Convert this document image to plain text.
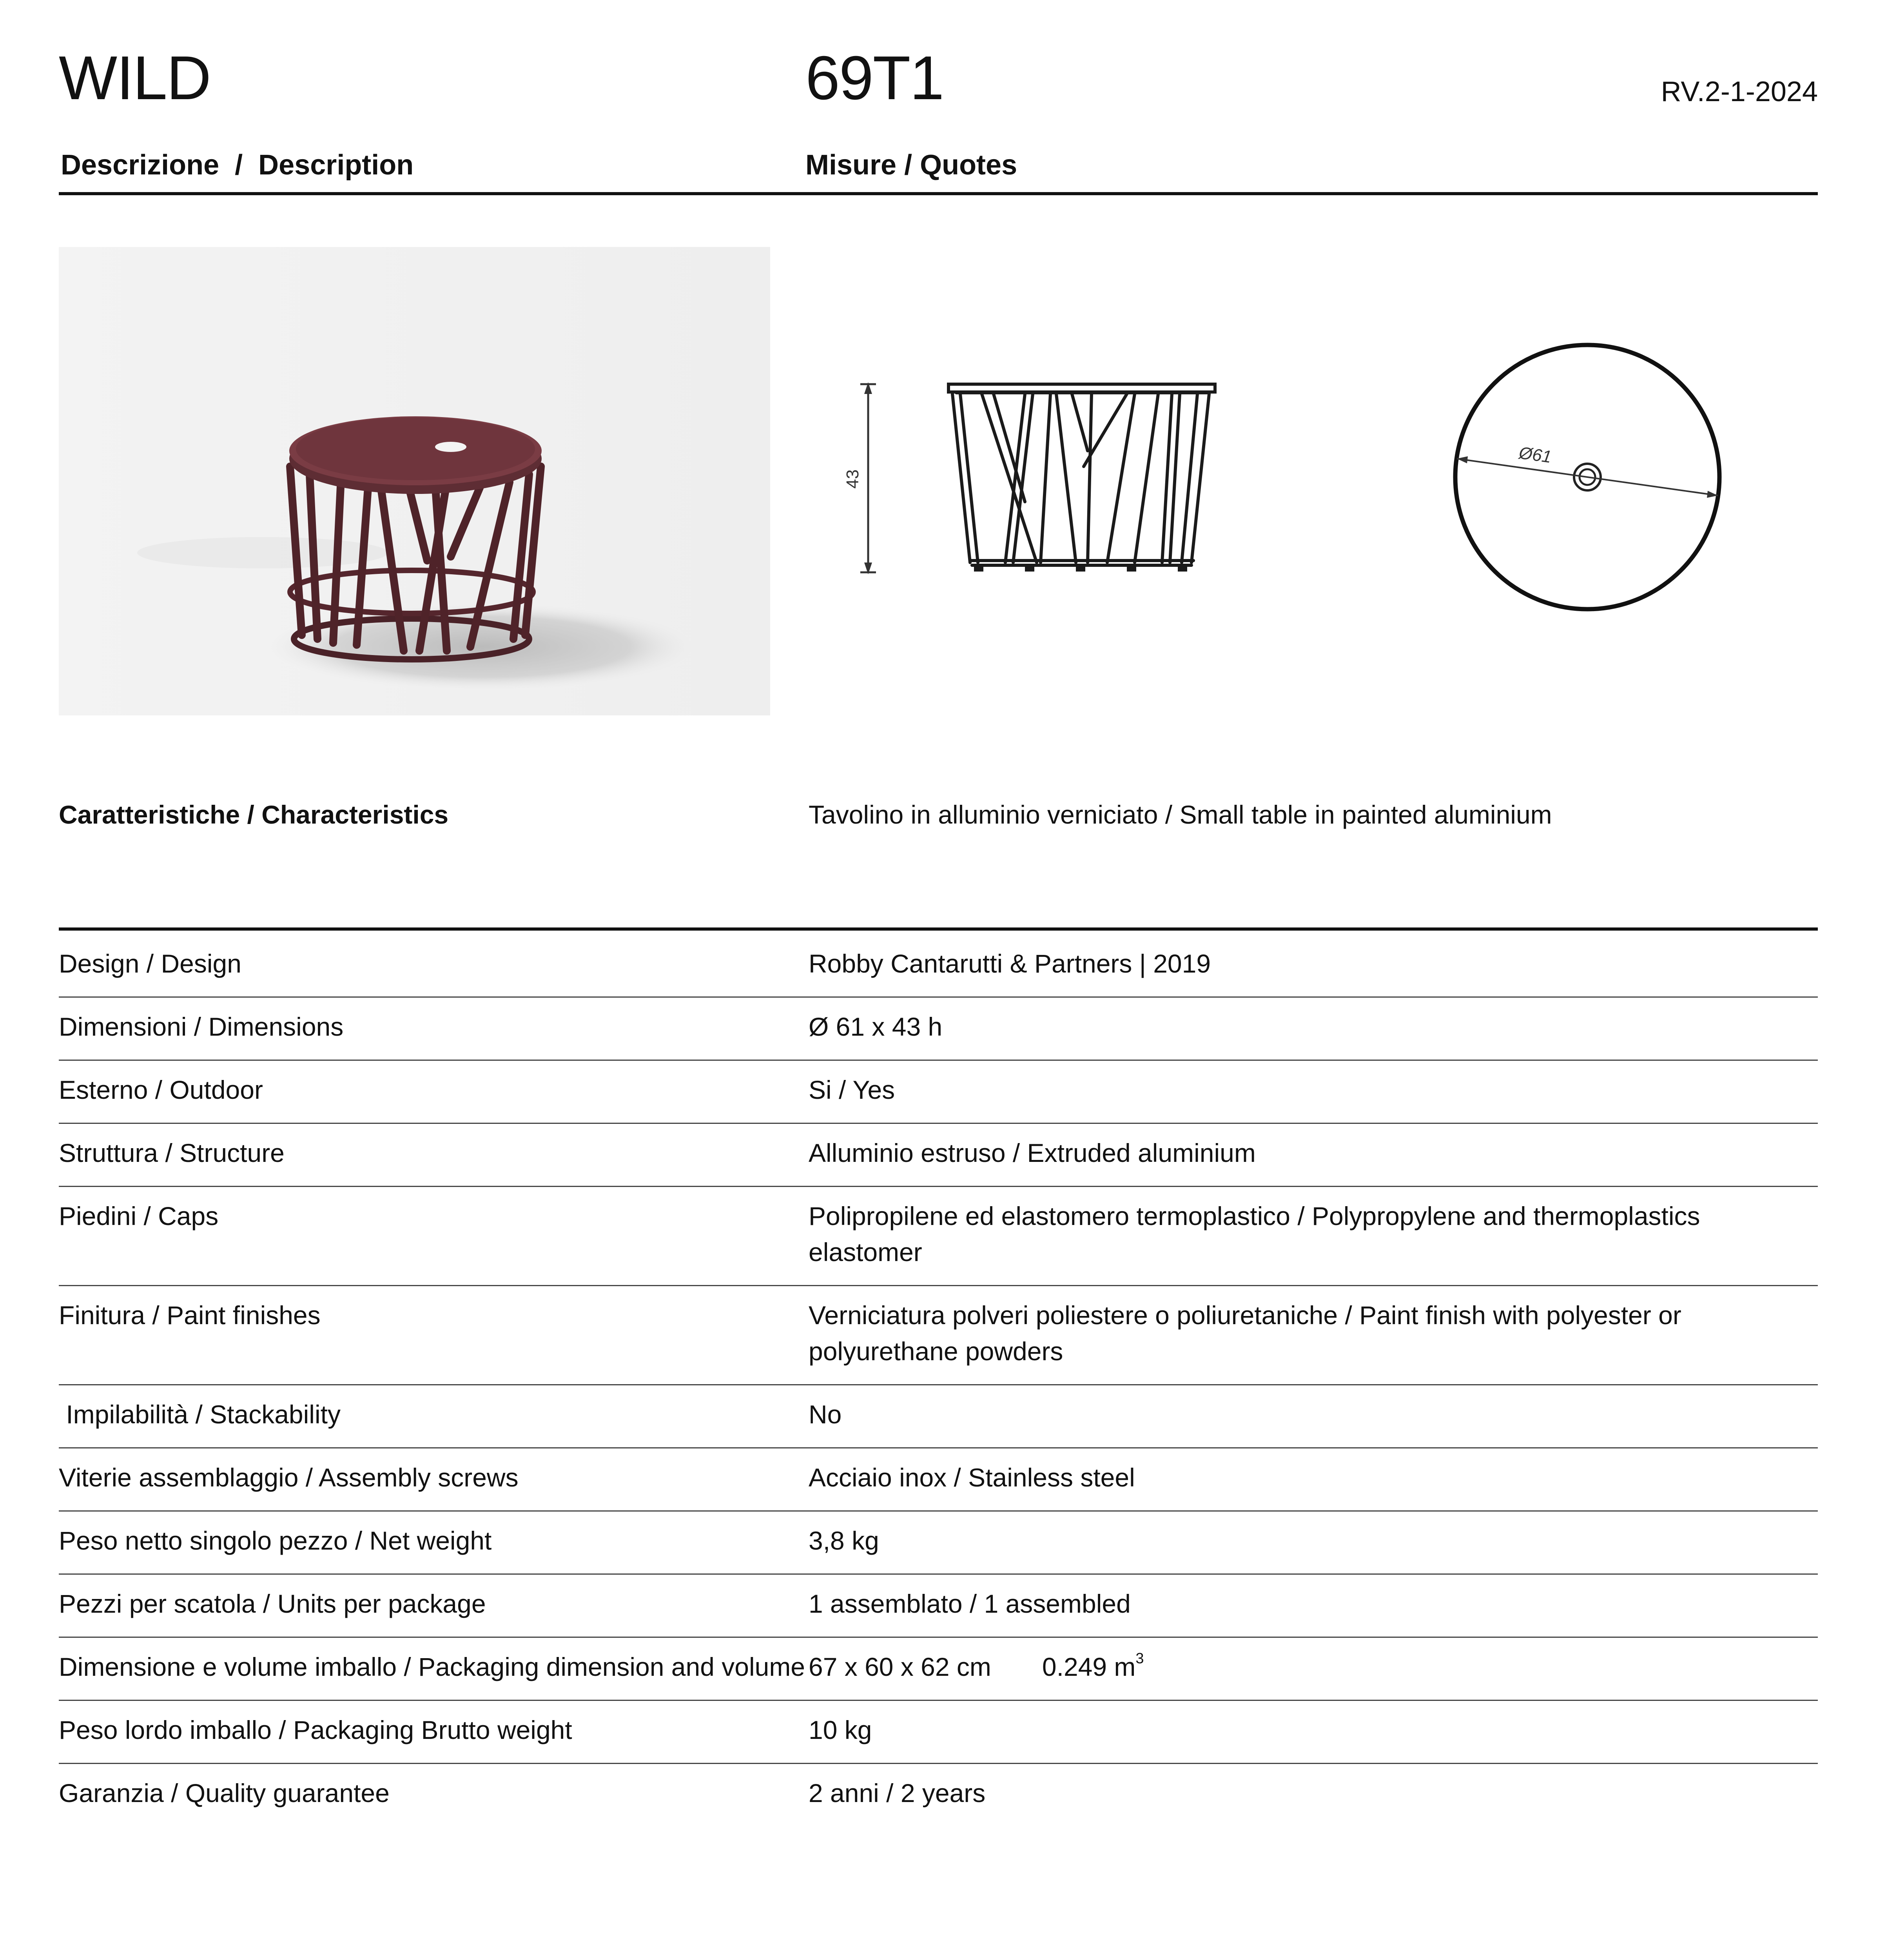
WILD	69T1	RV.2-1-2024
Descrizione  /  Description	Misure / Quotes
43
Ø61
Caratteristiche / Characteristics	Tavolino in alluminio verniciato / Small table in painted aluminium
Design / Design	Robby Cantarutti & Partners | 2019
Dimensioni / Dimensions	Ø 61 x 43 h
Esterno / Outdoor	Si / Yes
Struttura / Structure	Alluminio estruso / Extruded aluminium
Piedini / Caps	Polipropilene ed elastomero termoplastico / Polypropylene and thermoplastics elastomer
Finitura / Paint finishes	Verniciatura polveri poliestere o poliuretaniche / Paint finish with polyester or polyurethane powders
Impilabilità / Stackability	No
Viterie assemblaggio / Assembly screws	Acciaio inox / Stainless steel
Peso netto singolo pezzo / Net weight	3,8 kg
Pezzi per scatola / Units per package	1 assemblato / 1 assembled
Dimensione e volume imballo / Packaging dimension and volume	67 x 60 x 62 cm 0.249 $m^3$
Peso lordo imballo / Packaging Brutto weight	10 kg
Garanzia / Quality guarantee	2 anni / 2 years
